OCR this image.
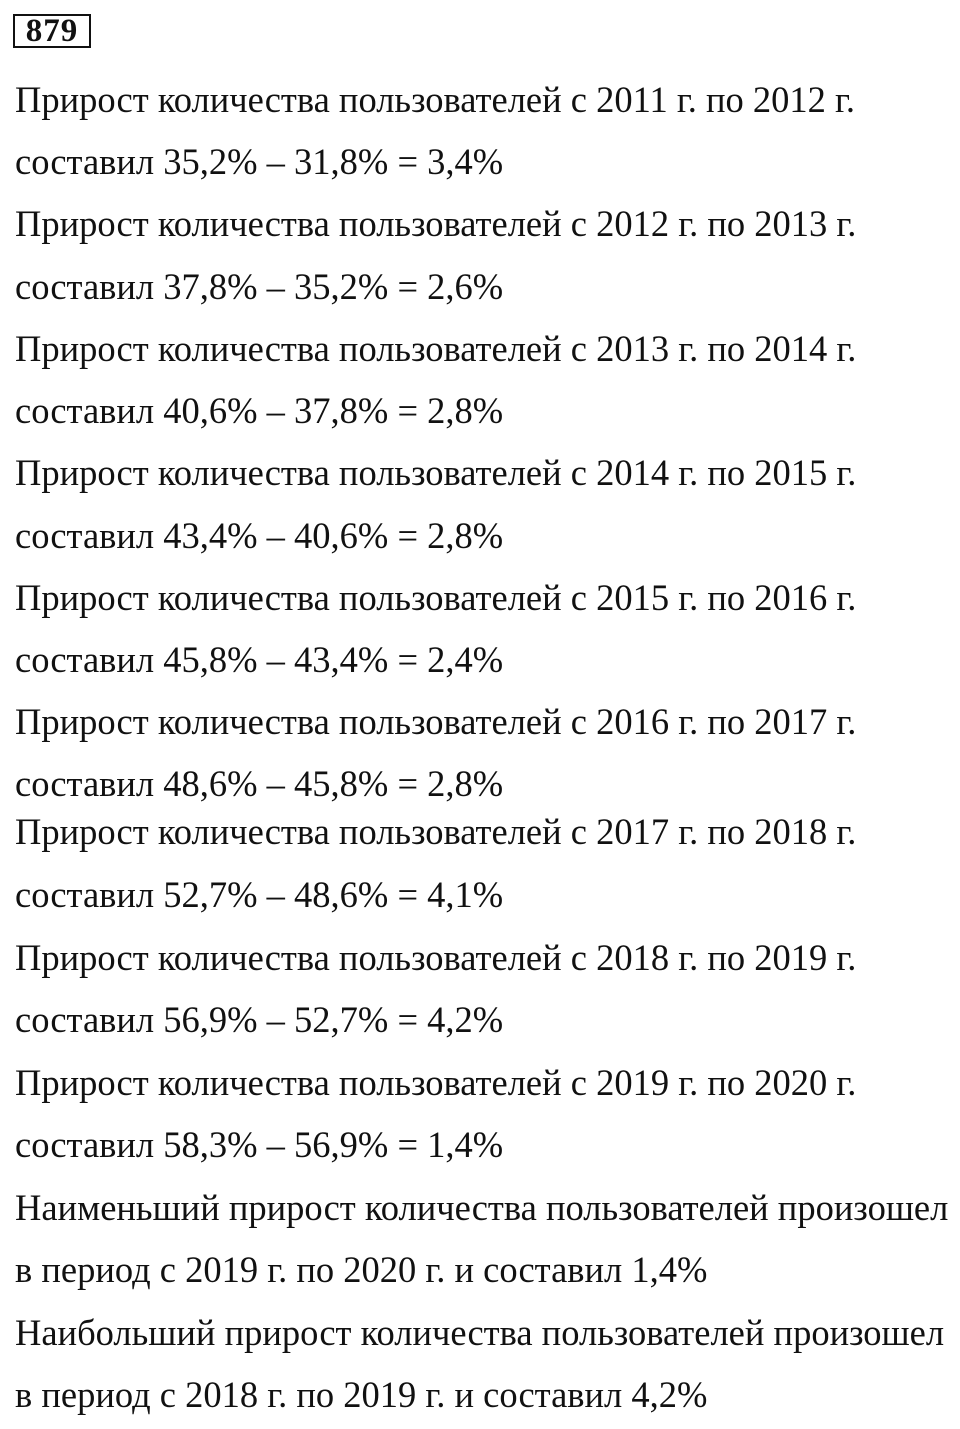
879
Прирост количества пользователей с 2011 г. по 2012 г.
составил 35,2% – 31,8% = 3,4%
Прирост количества пользователей с 2012 г. по 2013 г.
составил 37,8% – 35,2% = 2,6%
Прирост количества пользователей с 2013 г. по 2014 г.
составил 40,6% – 37,8% = 2,8%
Прирост количества пользователей с 2014 г. по 2015 г.
составил 43,4% – 40,6% = 2,8%
Прирост количества пользователей с 2015 г. по 2016 г.
составил 45,8% – 43,4% = 2,4%
Прирост количества пользователей с 2016 г. по 2017 г.
составил 48,6% – 45,8% = 2,8%
Прирост количества пользователей с 2017 г. по 2018 г.
составил 52,7% – 48,6% = 4,1%
Прирост количества пользователей с 2018 г. по 2019 г.
составил 56,9% – 52,7% = 4,2%
Прирост количества пользователей с 2019 г. по 2020 г.
составил 58,3% – 56,9% = 1,4%
Наименьший прирост количества пользователей произошел
в период с 2019 г. по 2020 г. и составил 1,4%
Наибольший прирост количества пользователей произошел
в период с 2018 г. по 2019 г. и составил 4,2%
